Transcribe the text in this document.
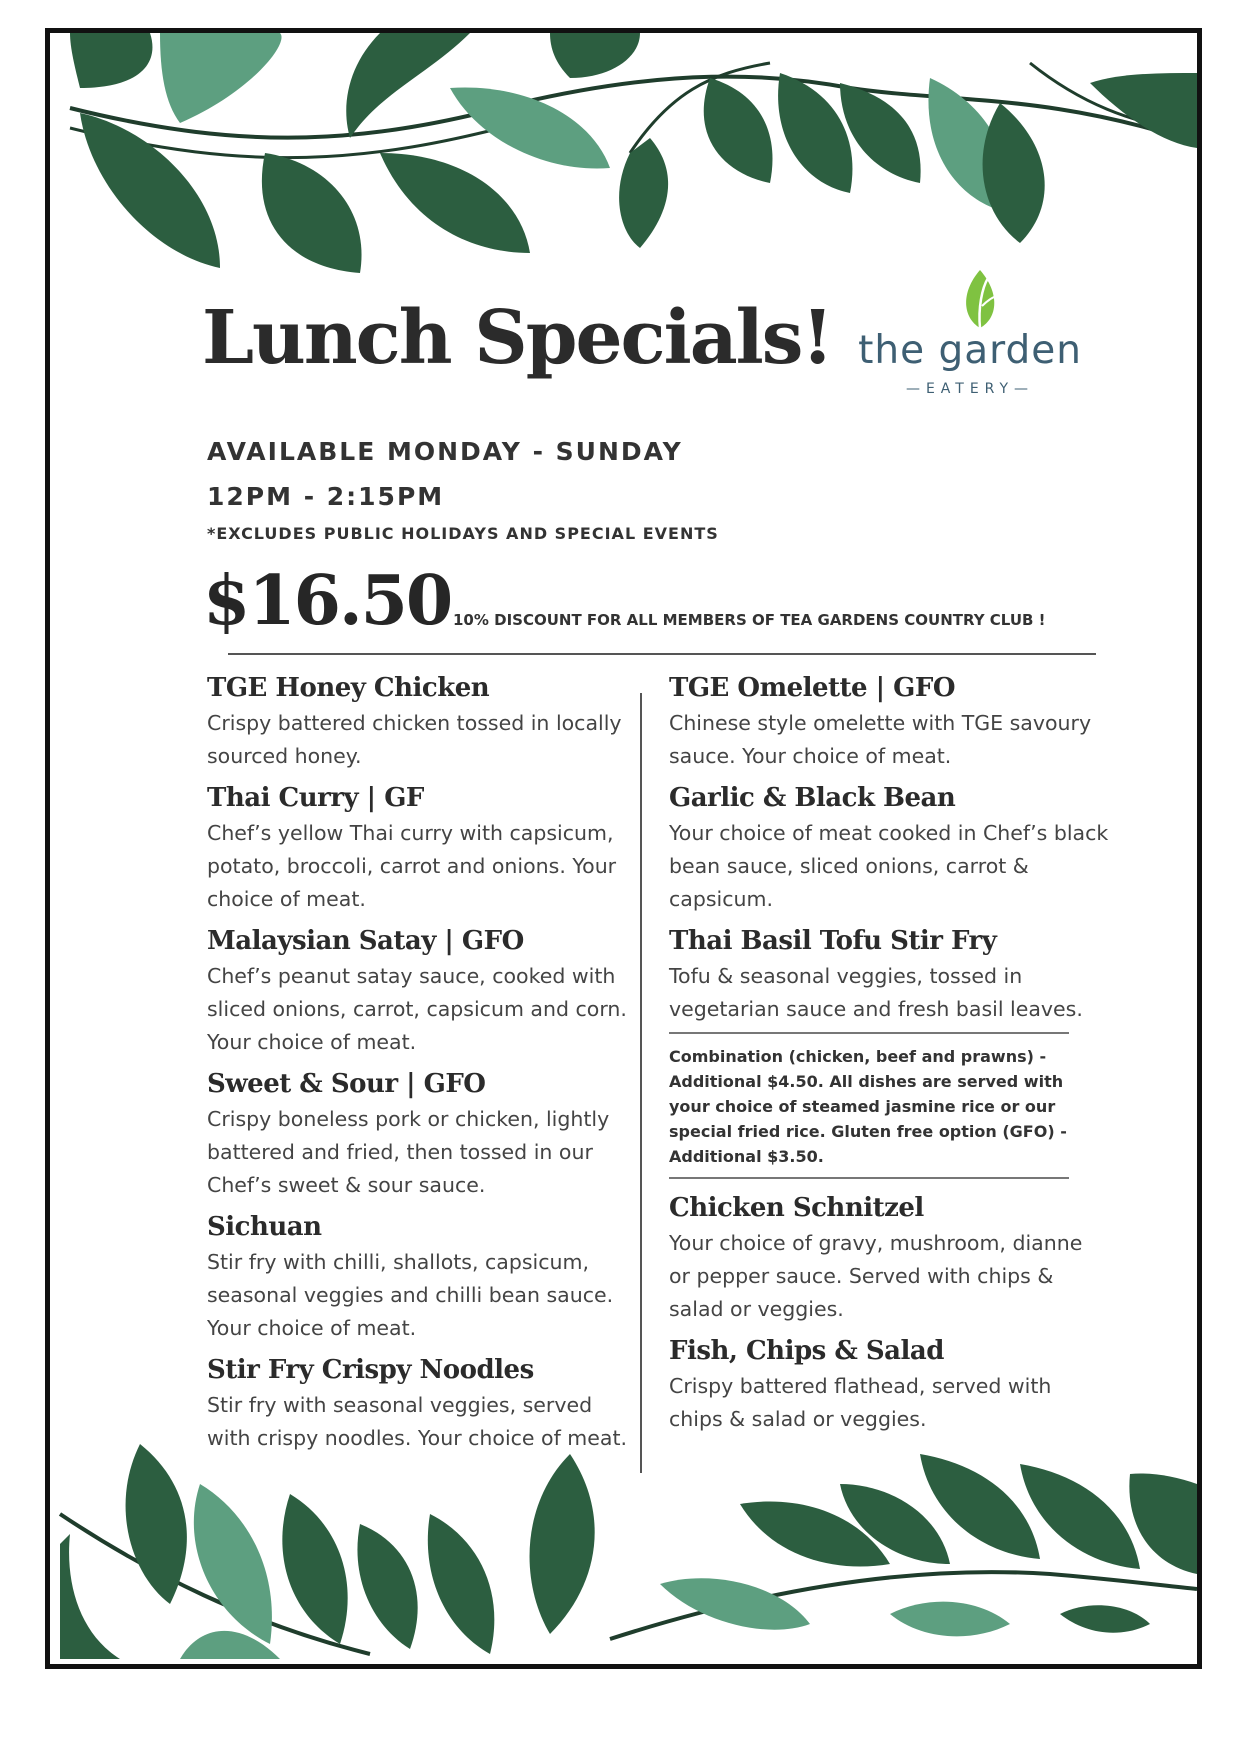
Lunch Specials! the garden
—EATERY—

AVAILABLE MONDAY - SUNDAY

12PM - 2:15PM

*EXCLUDES PUBLIC HOLIDAYS AND SPECIAL EVENTS

$16.50 10% DISCOUNT FOR ALL MEMBERS OF TEA GARDENS COUNTRY CLUB !

TGE Honey Chicken

Crispy battered chicken tossed in locally sourced honey.

Thai Curry | GF

Chef’s yellow Thai curry with capsicum, potato, broccoli, carrot and onions. Your choice of meat.

Malaysian Satay | GFO

Chef’s peanut satay sauce, cooked with sliced onions, carrot, capsicum and corn. Your choice of meat.

Sweet & Sour | GFO

Crispy boneless pork or chicken, lightly battered and fried, then tossed in our Chef’s sweet & sour sauce.

Sichuan

Stir fry with chilli, shallots, capsicum, seasonal veggies and chilli bean sauce. Your choice of meat.

Stir Fry Crispy Noodles

Stir fry with seasonal veggies, served with crispy noodles. Your choice of meat.

TGE Omelette | GFO

Chinese style omelette with TGE savoury sauce. Your choice of meat.

Garlic & Black Bean

Your choice of meat cooked in Chef’s black bean sauce, sliced onions, carrot & capsicum.

Thai Basil Tofu Stir Fry

Tofu & seasonal veggies, tossed in vegetarian sauce and fresh basil leaves.

Combination (chicken, beef and prawns) - Additional $4.50. All dishes are served with your choice of steamed jasmine rice or our special fried rice. Gluten free option (GFO) - Additional $3.50.

Chicken Schnitzel

Your choice of gravy, mushroom, dianne or pepper sauce. Served with chips & salad or veggies.

Fish, Chips & Salad

Crispy battered flathead, served with chips & salad or veggies.
